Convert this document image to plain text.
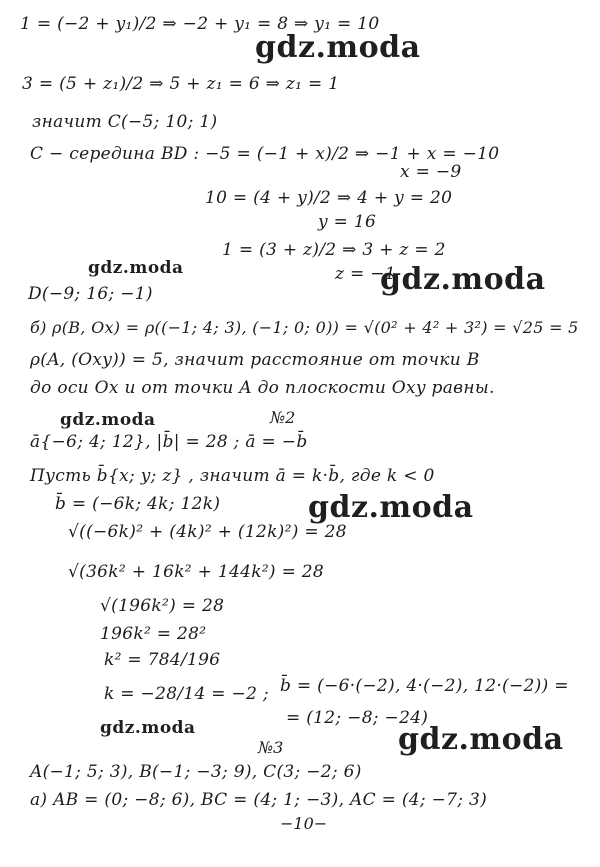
gdz.moda
gdz.moda	gdz.moda
gdz.moda
gdz.moda
gdz.moda	gdz.moda
1 = (−2 + y₁)/2 ⇒ −2 + y₁ = 8 ⇒ y₁ = 10
3 = (5 + z₁)/2 ⇒ 5 + z₁ = 6 ⇒ z₁ = 1
значит C(−5; 10; 1)
C − середина BD : −5 = (−1 + x)/2 ⇒ −1 + x = −10
x = −9
10 = (4 + y)/2 ⇒ 4 + y = 20
y = 16
1 = (3 + z)/2 ⇒ 3 + z = 2
z = −1
D(−9; 16; −1)
б) ρ(B, Ox) = ρ((−1; 4; 3), (−1; 0; 0)) = √(0² + 4² + 3²) = √25 = 5
ρ(A, (Oxy)) = 5, значит расстояние от точки B
до оси Ox и от точки A до плоскости Oxy равны.
№2
ā{−6; 4; 12}, |b̄| = 28 ; ā = −b̄
Пусть b̄{x; y; z} , значит ā = k·b̄, где k < 0
b̄ = (−6k; 4k; 12k)
√((−6k)² + (4k)² + (12k)²) = 28
√(36k² + 16k² + 144k²) = 28
√(196k²) = 28
196k² = 28²
k² = 784/196
k = −28/14 = −2 ; b̄ = (−6·(−2), 4·(−2), 12·(−2)) =
= (12; −8; −24)
№3
A(−1; 5; 3), B(−1; −3; 9), C(3; −2; 6)
а) AB = (0; −8; 6), BC = (4; 1; −3), AC = (4; −7; 3)
−10−
